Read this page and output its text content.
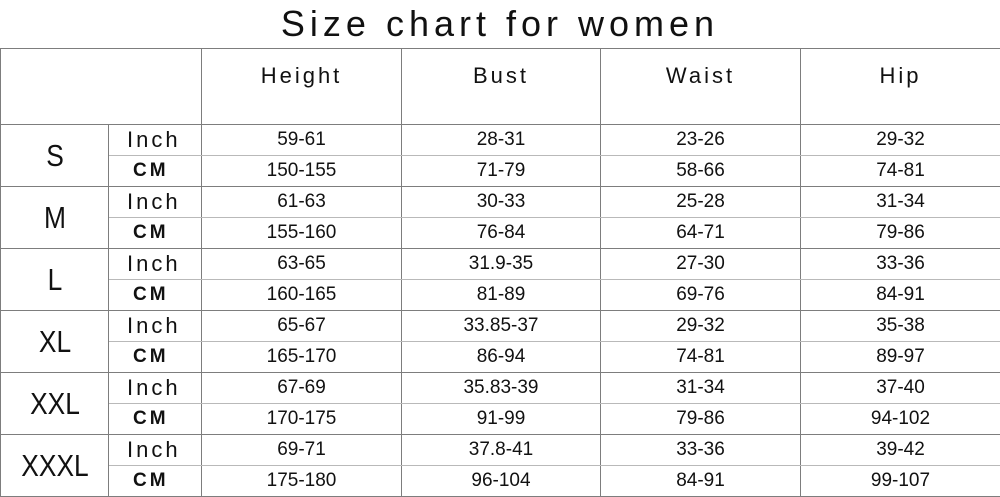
Size chart for women
		Height	Bust	Waist	Hip
S	Inch	59-61	28-31	23-26	29-32
	CM	150-155	71-79	58-66	74-81
M	Inch	61-63	30-33	25-28	31-34
	CM	155-160	76-84	64-71	79-86
L	Inch	63-65	31.9-35	27-30	33-36
	CM	160-165	81-89	69-76	84-91
XL	Inch	65-67	33.85-37	29-32	35-38
	CM	165-170	86-94	74-81	89-97
XXL	Inch	67-69	35.83-39	31-34	37-40
	CM	170-175	91-99	79-86	94-102
XXXL	Inch	69-71	37.8-41	33-36	39-42
	CM	175-180	96-104	84-91	99-107
